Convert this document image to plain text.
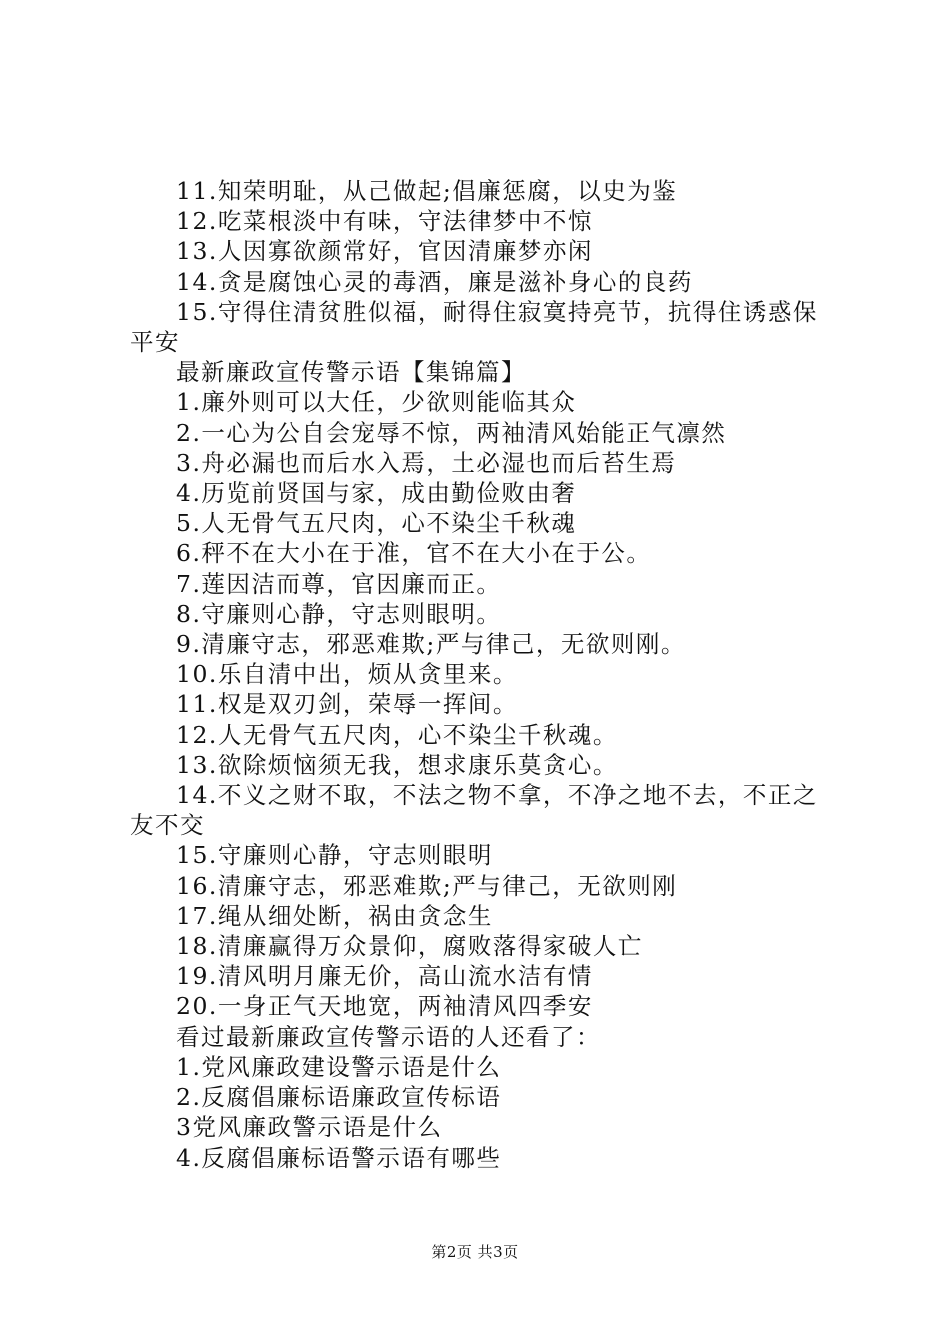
11.知荣明耻，从己做起;倡廉惩腐，以史为鉴

12.吃菜根淡中有味，守法律梦中不惊

13.人因寡欲颜常好，官因清廉梦亦闲

14.贪是腐蚀心灵的毒酒，廉是滋补身心的良药

15.守得住清贫胜似福，耐得住寂寞持亮节，抗得住诱惑保平安

最新廉政宣传警示语【集锦篇】

1.廉外则可以大任，少欲则能临其众

2.一心为公自会宠辱不惊，两袖清风始能正气凛然

3.舟必漏也而后水入焉，土必湿也而后苔生焉

4.历览前贤国与家，成由勤俭败由奢

5.人无骨气五尺肉，心不染尘千秋魂

6.秤不在大小在于准，官不在大小在于公。

7.莲因洁而尊，官因廉而正。

8.守廉则心静，守志则眼明。

9.清廉守志，邪恶难欺;严与律己，无欲则刚。

10.乐自清中出，烦从贪里来。

11.权是双刃剑，荣辱一挥间。

12.人无骨气五尺肉，心不染尘千秋魂。

13.欲除烦恼须无我，想求康乐莫贪心。

14.不义之财不取，不法之物不拿，不净之地不去，不正之友不交

15.守廉则心静，守志则眼明

16.清廉守志，邪恶难欺;严与律己，无欲则刚

17.绳从细处断，祸由贪念生

18.清廉赢得万众景仰，腐败落得家破人亡

19.清风明月廉无价，高山流水洁有情

20.一身正气天地宽，两袖清风四季安

看过最新廉政宣传警示语的人还看了：

1.党风廉政建设警示语是什么

2.反腐倡廉标语廉政宣传标语

3党风廉政警示语是什么

4.反腐倡廉标语警示语有哪些

第2页 共3页
